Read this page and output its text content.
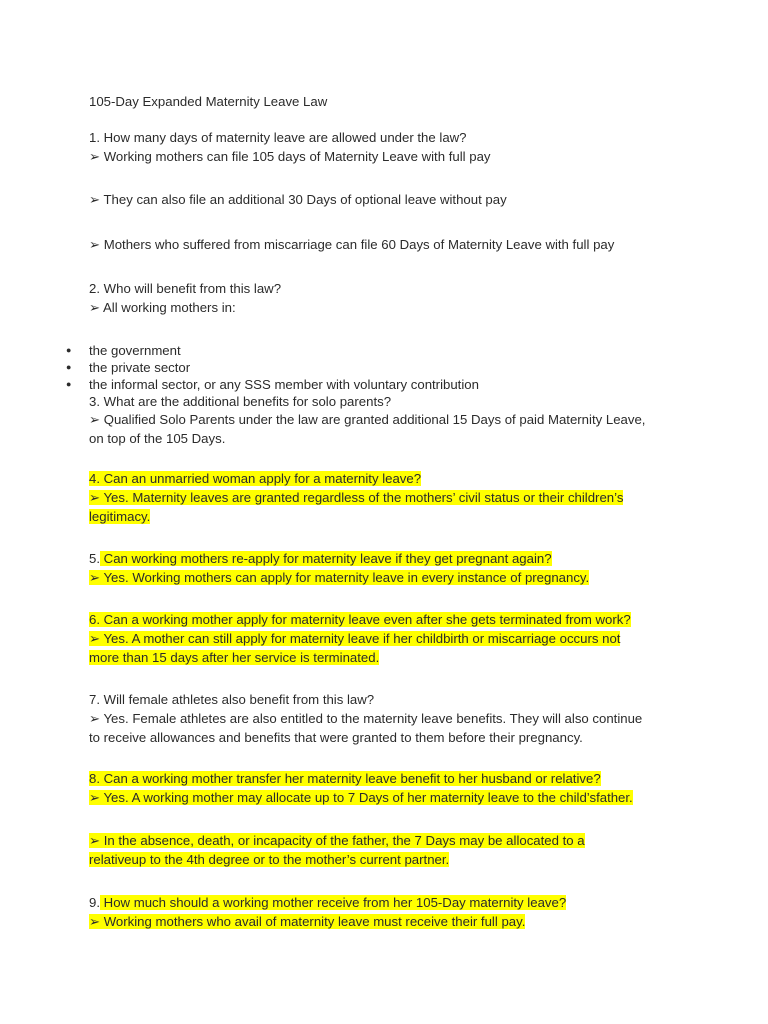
105-Day Expanded Maternity Leave Law
1. How many days of maternity leave are allowed under the law?
➢ Working mothers can file 105 days of Maternity Leave with full pay
➢ They can also file an additional 30 Days of optional leave without pay
➢ Mothers who suffered from miscarriage can file 60 Days of Maternity Leave with full pay
2. Who will benefit from this law?
➢ All working mothers in:
● the government
● the private sector
● the informal sector, or any SSS member with voluntary contribution
3. What are the additional benefits for solo parents?
➢ Qualified Solo Parents under the law are granted additional 15 Days of paid Maternity Leave,
on top of the 105 Days.
4. Can an unmarried woman apply for a maternity leave?
➢ Yes. Maternity leaves are granted regardless of the mothers’ civil status or their children’s
legitimacy.
5. Can working mothers re-apply for maternity leave if they get pregnant again?
➢ Yes. Working mothers can apply for maternity leave in every instance of pregnancy.
6. Can a working mother apply for maternity leave even after she gets terminated from work?
➢ Yes. A mother can still apply for maternity leave if her childbirth or miscarriage occurs not
more than 15 days after her service is terminated.
7. Will female athletes also benefit from this law?
➢ Yes. Female athletes are also entitled to the maternity leave benefits. They will also continue
to receive allowances and benefits that were granted to them before their pregnancy.
8. Can a working mother transfer her maternity leave benefit to her husband or relative?
➢ Yes. A working mother may allocate up to 7 Days of her maternity leave to the child’sfather.
➢ In the absence, death, or incapacity of the father, the 7 Days may be allocated to a
relativeup to the 4th degree or to the mother’s current partner.
9. How much should a working mother receive from her 105-Day maternity leave?
➢ Working mothers who avail of maternity leave must receive their full pay.
